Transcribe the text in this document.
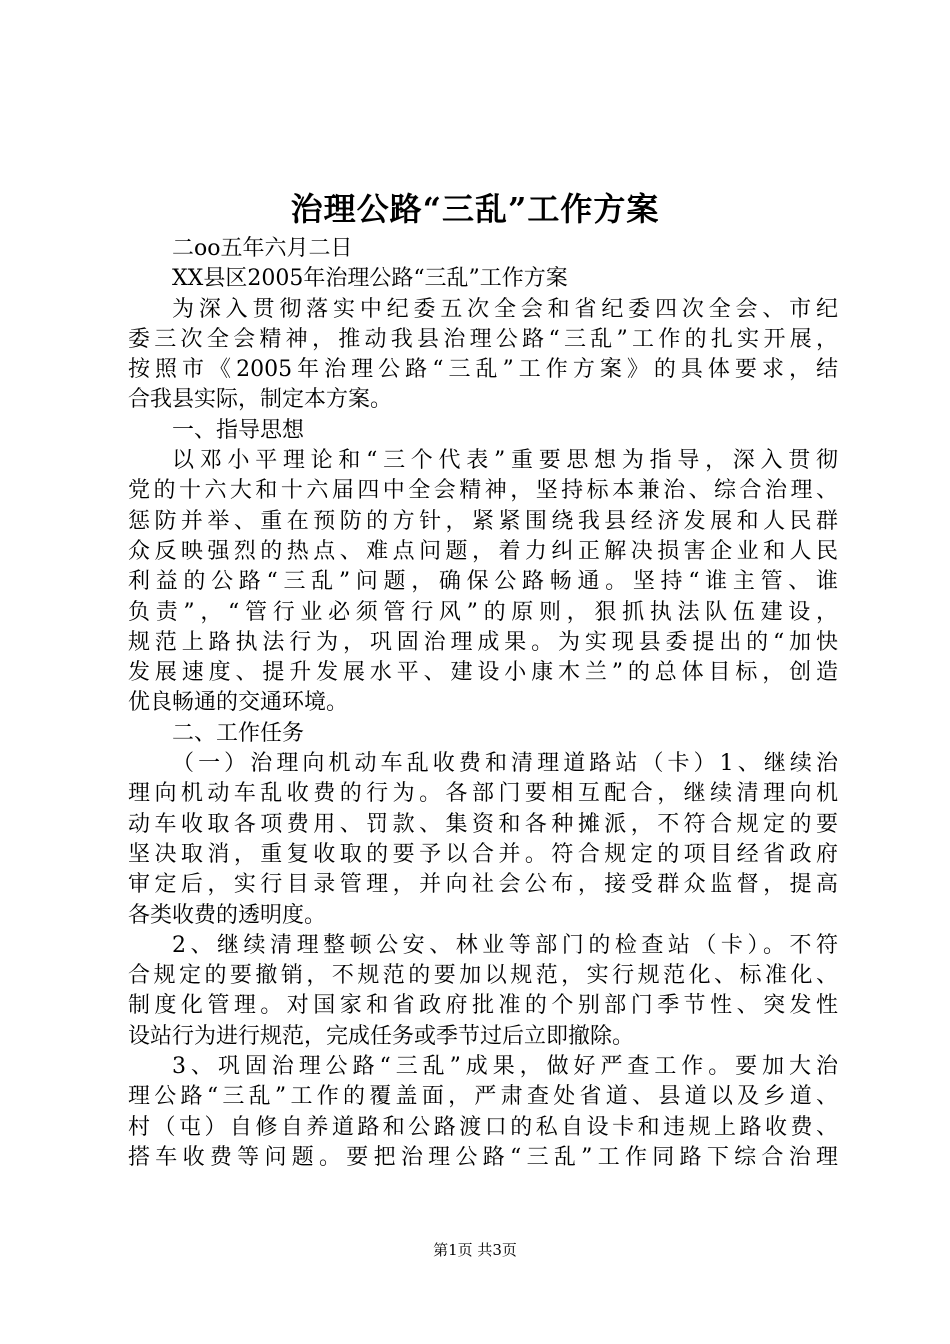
治理公路“三乱”工作方案
二oo五年六月二日
XX县区2005年治理公路“三乱”工作方案
为深入贯彻落实中纪委五次全会和省纪委四次全会、市纪
委三次全会精神，推动我县治理公路“三乱”工作的扎实开展，
按照市《2005年治理公路“三乱”工作方案》的具体要求，结
合我县实际，制定本方案。
一、指导思想
以邓小平理论和“三个代表”重要思想为指导，深入贯彻
党的十六大和十六届四中全会精神，坚持标本兼治、综合治理、
惩防并举、重在预防的方针，紧紧围绕我县经济发展和人民群
众反映强烈的热点、难点问题，着力纠正解决损害企业和人民
利益的公路“三乱”问题，确保公路畅通。坚持“谁主管、谁
负责”，“管行业必须管行风”的原则，狠抓执法队伍建设，
规范上路执法行为，巩固治理成果。为实现县委提出的“加快
发展速度、提升发展水平、建设小康木兰”的总体目标，创造
优良畅通的交通环境。
二、工作任务
（一）治理向机动车乱收费和清理道路站（卡）1、继续治
理向机动车乱收费的行为。各部门要相互配合，继续清理向机
动车收取各项费用、罚款、集资和各种摊派，不符合规定的要
坚决取消，重复收取的要予以合并。符合规定的项目经省政府
审定后，实行目录管理，并向社会公布，接受群众监督，提高
各类收费的透明度。
2、继续清理整顿公安、林业等部门的检查站（卡）。不符
合规定的要撤销，不规范的要加以规范，实行规范化、标准化、
制度化管理。对国家和省政府批准的个别部门季节性、突发性
设站行为进行规范，完成任务或季节过后立即撤除。
3、巩固治理公路“三乱”成果，做好严查工作。要加大治
理公路“三乱”工作的覆盖面，严肃查处省道、县道以及乡道、
村（屯）自修自养道路和公路渡口的私自设卡和违规上路收费、
搭车收费等问题。要把治理公路“三乱”工作同路下综合治理
第1页 共3页
